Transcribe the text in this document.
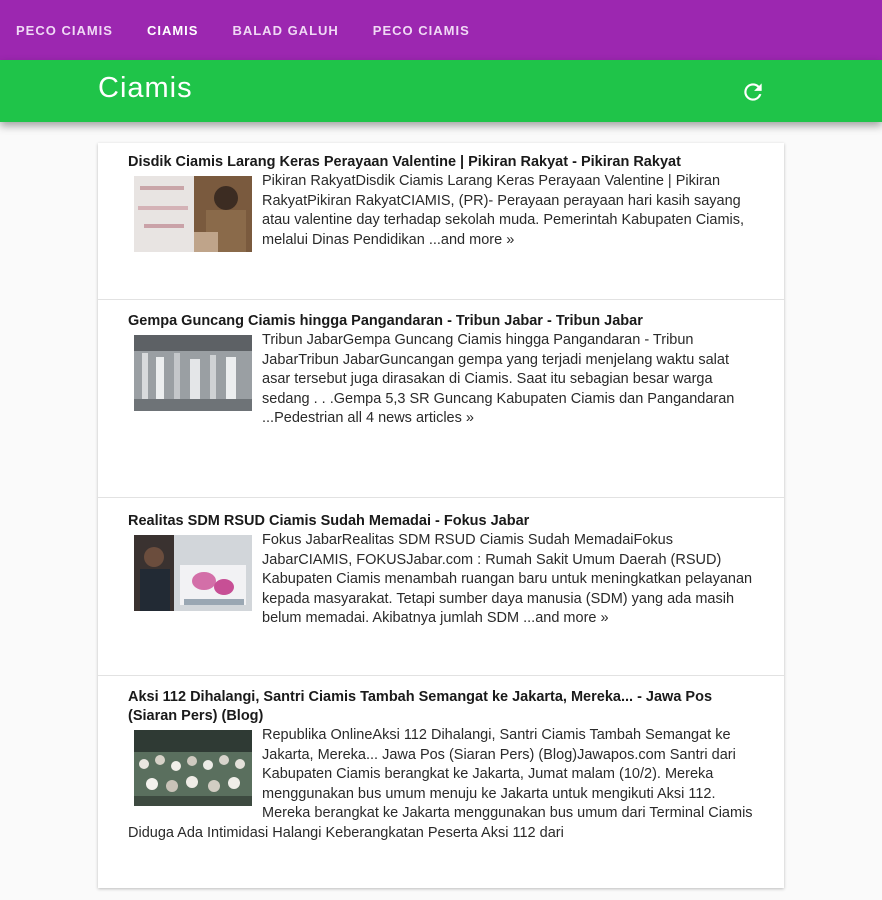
PECO CIAMIS	CIAMIS	BALAD GALUH	PECO CIAMIS
Ciamis
Disdik Ciamis Larang Keras Perayaan Valentine | Pikiran Rakyat - Pikiran Rakyat
Pikiran RakyatDisdik Ciamis Larang Keras Perayaan Valentine | Pikiran RakyatPikiran RakyatCIAMIS, (PR)- Perayaan perayaan hari kasih sayang atau valentine day terhadap sekolah muda. Pemerintah Kabupaten Ciamis, melalui Dinas Pendidikan ...and more »
Gempa Guncang Ciamis hingga Pangandaran - Tribun Jabar - Tribun Jabar
Tribun JabarGempa Guncang Ciamis hingga Pangandaran - Tribun JabarTribun JabarGuncangan gempa yang terjadi menjelang waktu salat asar tersebut juga dirasakan di Ciamis. Saat itu sebagian besar warga sedang . . .Gempa 5,3 SR Guncang Kabupaten Ciamis dan Pangandaran ...Pedestrian all 4 news articles »
Realitas SDM RSUD Ciamis Sudah Memadai - Fokus Jabar
Fokus JabarRealitas SDM RSUD Ciamis Sudah MemadaiFokus JabarCIAMIS, FOKUSJabar.com : Rumah Sakit Umum Daerah (RSUD) Kabupaten Ciamis menambah ruangan baru untuk meningkatkan pelayanan kepada masyarakat. Tetapi sumber daya manusia (SDM) yang ada masih belum memadai. Akibatnya jumlah SDM ...and more »
Aksi 112 Dihalangi, Santri Ciamis Tambah Semangat ke Jakarta, Mereka... - Jawa Pos (Siaran Pers) (Blog)
Republika OnlineAksi 112 Dihalangi, Santri Ciamis Tambah Semangat ke Jakarta, Mereka... Jawa Pos (Siaran Pers) (Blog)Jawapos.com Santri dari Kabupaten Ciamis berangkat ke Jakarta, Jumat malam (10/2). Mereka menggunakan bus umum menuju ke Jakarta untuk mengikuti Aksi 112. Mereka berangkat ke Jakarta menggunakan bus umum dari Terminal Ciamis Diduga Ada Intimidasi Halangi Keberangkatan Peserta Aksi 112 dari
